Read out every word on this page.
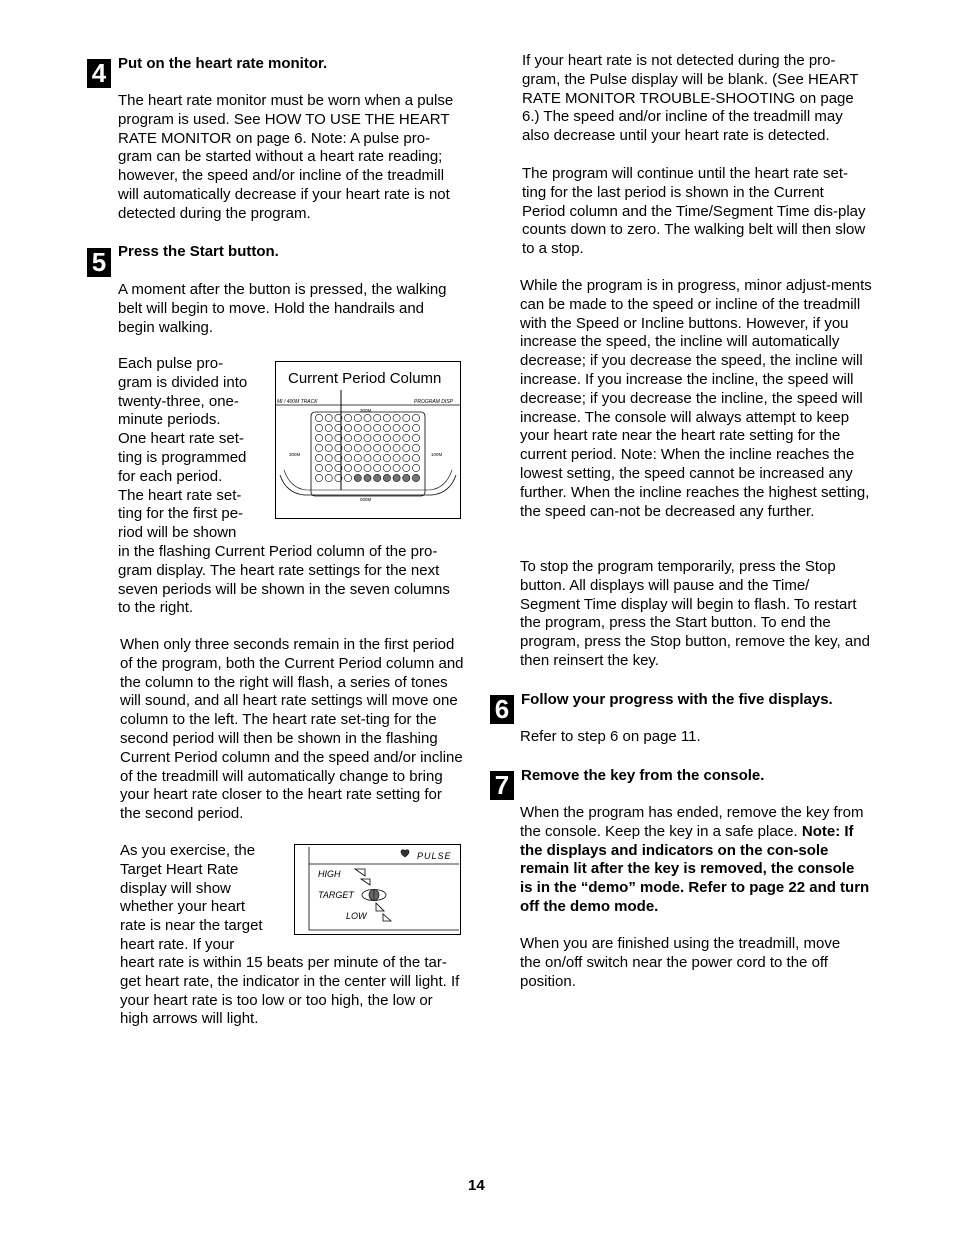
4 Put on the heart rate monitor.

The heart rate monitor must be worn when a pulse program is used. See HOW TO USE THE HEART RATE MONITOR on page 6. Note: A pulse pro-gram can be started without a heart rate reading; however, the speed and/or incline of the treadmill will automatically decrease if your heart rate is not detected during the program.

5 Press the Start button.

A moment after the button is pressed, the walking belt will begin to move. Hold the handrails and begin walking.

Each pulse pro-
gram is divided into
twenty-three, one-
minute periods.
One heart rate set-
ting is programmed
for each period.
The heart rate set-
ting for the first pe-
riod will be shown

in the flashing Current Period column of the pro-gram display. The heart rate settings for the next seven periods will be shown in the seven columns to the right.

Current Period Column
MI / 400M TRACK	PROGRAM DISP
300M
300M	100M
000M

When only three seconds remain in the first period of the program, both the Current Period column and the column to the right will flash, a series of tones will sound, and all heart rate settings will move one column to the left. The heart rate set-ting for the second period will then be shown in the flashing Current Period column and the speed and/or incline of the treadmill will automatically change to bring your heart rate closer to the heart rate setting for the second period.

As you exercise, the
Target Heart Rate
display will show
whether your heart
rate is near the target
heart rate. If your

heart rate is within 15 beats per minute of the tar-get heart rate, the indicator in the center will light. If your heart rate is too low or too high, the low or high arrows will light.

PULSE
HIGH
TARGET
LOW

If your heart rate is not detected during the pro-gram, the Pulse display will be blank. (See HEART RATE MONITOR TROUBLE-SHOOTING on page 6.) The speed and/or incline of the treadmill may also decrease until your heart rate is detected.

The program will continue until the heart rate set-ting for the last period is shown in the Current Period column and the Time/Segment Time dis-play counts down to zero. The walking belt will then slow to a stop.

While the program is in progress, minor adjust-ments can be made to the speed or incline of the treadmill with the Speed or Incline buttons. However, if you increase the speed, the incline will automatically decrease; if you decrease the speed, the incline will increase. If you increase the incline, the speed will decrease; if you decrease the incline, the speed will increase. The console will always attempt to keep your heart rate near the heart rate setting for the current period. Note: When the incline reaches the lowest setting, the speed cannot be increased any further. When the incline reaches the highest setting, the speed can-not be decreased any further.

To stop the program temporarily, press the Stop button. All displays will pause and the Time/ Segment Time display will begin to flash. To restart the program, press the Start button. To end the program, press the Stop button, remove the key, and then reinsert the key.

6 Follow your progress with the five displays.

Refer to step 6 on page 11.

7 Remove the key from the console.

When the program has ended, remove the key from the console. Keep the key in a safe place. Note: If the displays and indicators on the con-sole remain lit after the key is removed, the console is in the “demo” mode. Refer to page 22 and turn off the demo mode.

When you are finished using the treadmill, move the on/off switch near the power cord to the off position.

14
